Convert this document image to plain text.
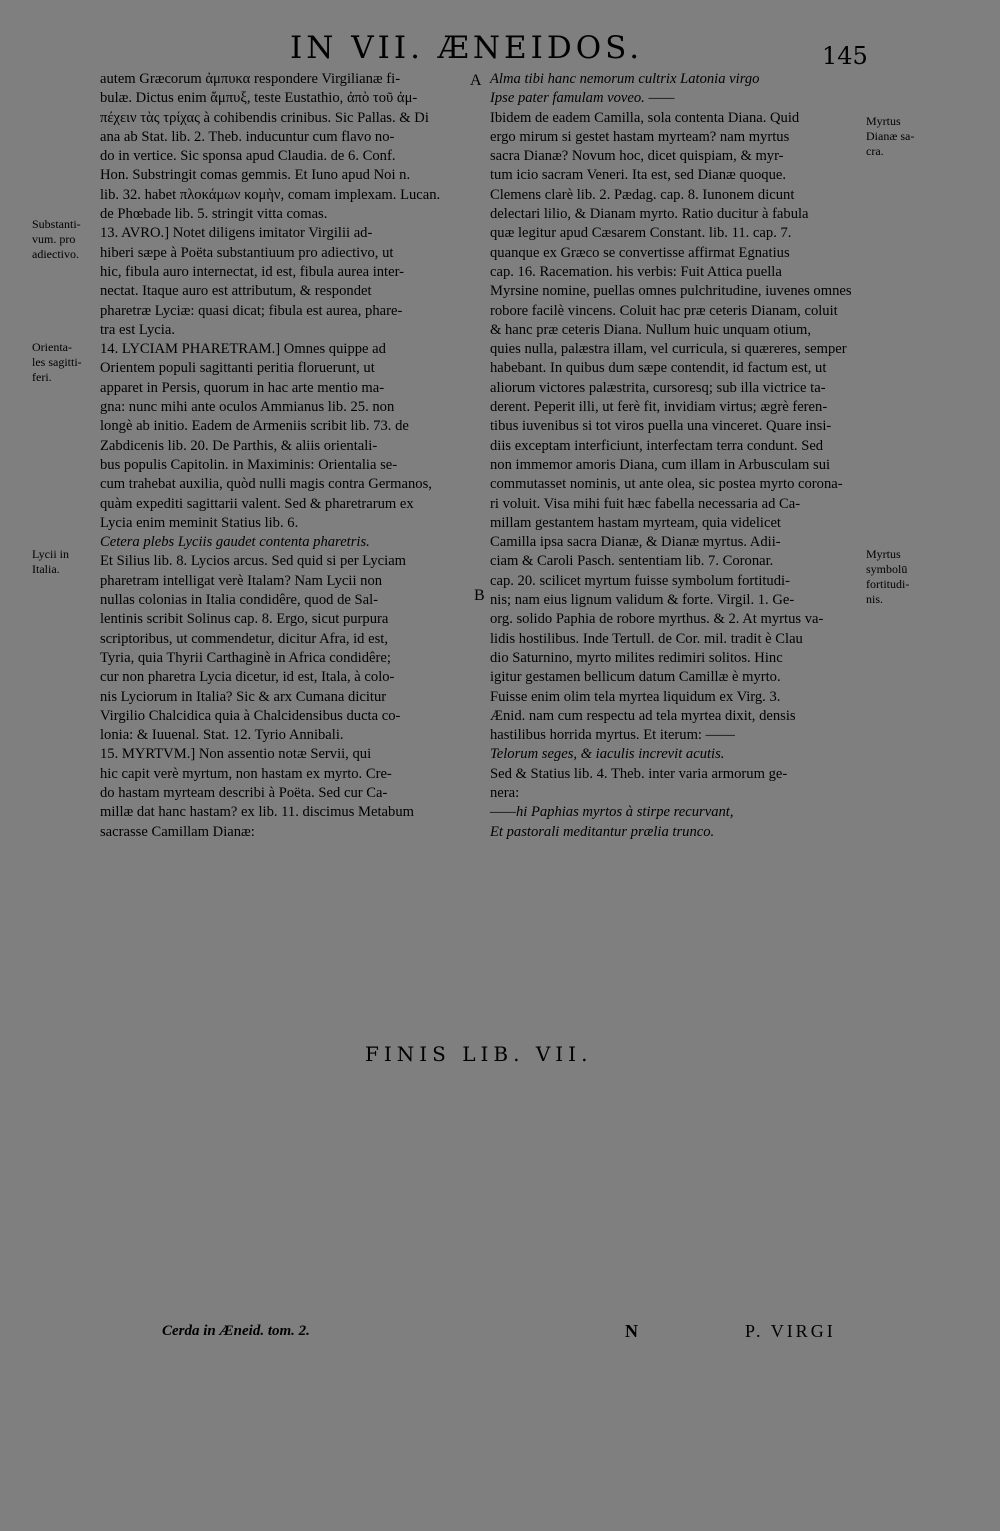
IN VII. ÆNEIDOS.	145
autem Græcorum ἀμπυκα respondere Virgilianæ fi-
bulæ. Dictus enim ἄμπυξ, teste Eustathio, ἀπὸ τοῦ ἀμ-
πέχειν τὰς τρίχας à cohibendis crinibus. Sic Pallas. & Di
ana ab Stat. lib. 2. Theb. inducuntur cum flavo no-
do in vertice. Sic sponsa apud Claudia. de 6. Conf.
Hon. Substringit comas gemmis. Et Iuno apud Noi n.
lib. 32. habet πλοκάμων κομὴν, comam implexam. Lucan.
de Phœbade lib. 5. stringit vitta comas.
13. AVRO.] Notet diligens imitator Virgilii ad-
hiberi sæpe à Poëta substantiuum pro adiectivo, ut
hic, fibula auro internectat, id est, fibula aurea inter-
nectat. Itaque auro est attributum, & respondet
pharetræ Lyciæ: quasi dicat; fibula est aurea, phare-
tra est Lycia.
14. LYCIAM PHARETRAM.] Omnes quippe ad
Orientem populi sagittanti peritia floruerunt, ut
apparet in Persis, quorum in hac arte mentio ma-
gna: nunc mihi ante oculos Ammianus lib. 25. non
longè ab initio. Eadem de Armeniis scribit lib. 73. de
Zabdicenis lib. 20. De Parthis, & aliis orientali-
bus populis Capitolin. in Maximinis: Orientalia se-
cum trahebat auxilia, quòd nulli magis contra Germanos,
quàm expediti sagittarii valent. Sed & pharetrarum ex
Lycia enim meminit Statius lib. 6.
Cetera plebs Lyciis gaudet contenta pharetris.
Et Silius lib. 8. Lycios arcus. Sed quid si per Lyciam
pharetram intelligat verè Italam? Nam Lycii non
nullas colonias in Italia condidêre, quod de Sal-
lentinis scribit Solinus cap. 8. Ergo, sicut purpura
scriptoribus, ut commendetur, dicitur Afra, id est,
Tyria, quia Thyrii Carthaginè in Africa condidêre;
cur non pharetra Lycia dicetur, id est, Itala, à colo-
nis Lyciorum in Italia? Sic & arx Cumana dicitur
Virgilio Chalcidica quia à Chalcidensibus ducta co-
lonia: & Iuuenal. Stat. 12. Tyrio Annibali.
15. MYRTVM.] Non assentio notæ Servii, qui
hic capit verè myrtum, non hastam ex myrto. Cre-
do hastam myrteam describi à Poëta. Sed cur Ca-
millæ dat hanc hastam? ex lib. 11. discimus Metabum
sacrasse Camillam Dianæ:
Alma tibi hanc nemorum cultrix Latonia virgo
Ipse pater famulam voveo. ——
Ibidem de eadem Camilla, sola contenta Diana. Quid
ergo mirum si gestet hastam myrteam? nam myrtus
sacra Dianæ? Novum hoc, dicet quispiam, & myr-
tum icio sacram Veneri. Ita est, sed Dianæ quoque.
Clemens clarè lib. 2. Pædag. cap. 8. Iunonem dicunt
delectari lilio, & Dianam myrto. Ratio ducitur à fabula
quæ legitur apud Cæsarem Constant. lib. 11. cap. 7.
quanque ex Græco se convertisse affirmat Egnatius
cap. 16. Racemation. his verbis: Fuit Attica puella
Myrsine nomine, puellas omnes pulchritudine, iuvenes omnes
robore facilè vincens. Coluit hac præ ceteris Dianam, coluit
& hanc præ ceteris Diana. Nullum huic unquam otium,
quies nulla, palæstra illam, vel curricula, si quæreres, semper
habebant. In quibus dum sæpe contendit, id factum est, ut
aliorum victores palæstrita, cursoresq; sub illa victrice ta-
derent. Peperit illi, ut ferè fit, invidiam virtus; ægrè feren-
tibus iuvenibus si tot viros puella una vinceret. Quare insi-
diis exceptam interficiunt, interfectam terra condunt. Sed
non immemor amoris Diana, cum illam in Arbusculam sui
commutasset nominis, ut ante olea, sic postea myrto corona-
ri voluit. Visa mihi fuit hæc fabella necessaria ad Ca-
millam gestantem hastam myrteam, quia videlicet
Camilla ipsa sacra Dianæ, & Dianæ myrtus. Adii-
ciam & Caroli Pasch. sententiam lib. 7. Coronar.
cap. 20. scilicet myrtum fuisse symbolum fortitudi-
nis; nam eius lignum validum & forte. Virgil. 1. Ge-
org. solido Paphia de robore myrthus. & 2. At myrtus va-
lidis hostilibus. Inde Tertull. de Cor. mil. tradit è Clau
dio Saturnino, myrto milites redimiri solitos. Hinc
igitur gestamen bellicum datum Camillæ è myrto.
Fuisse enim olim tela myrtea liquidum ex Virg. 3.
Ænid. nam cum respectu ad tela myrtea dixit, densis
hastilibus horrida myrtus. Et iterum: ——
Telorum seges, & iaculis increvit acutis.
Sed & Statius lib. 4. Theb. inter varia armorum ge-
nera:
——hi Paphias myrtos à stirpe recurvant,
Et pastorali meditantur prælia trunco.
A
B
Substanti-
vum. pro
adiectivo.
Orienta-
les sagitti-
feri.
Lycii in
Italia.
Myrtus
Dianæ sa-
cra.
Myrtus
symbolū
fortitudi-
nis.
FINIS LIB. VII.
Cerda in Æneid. tom. 2.	N	P. VIRGI
